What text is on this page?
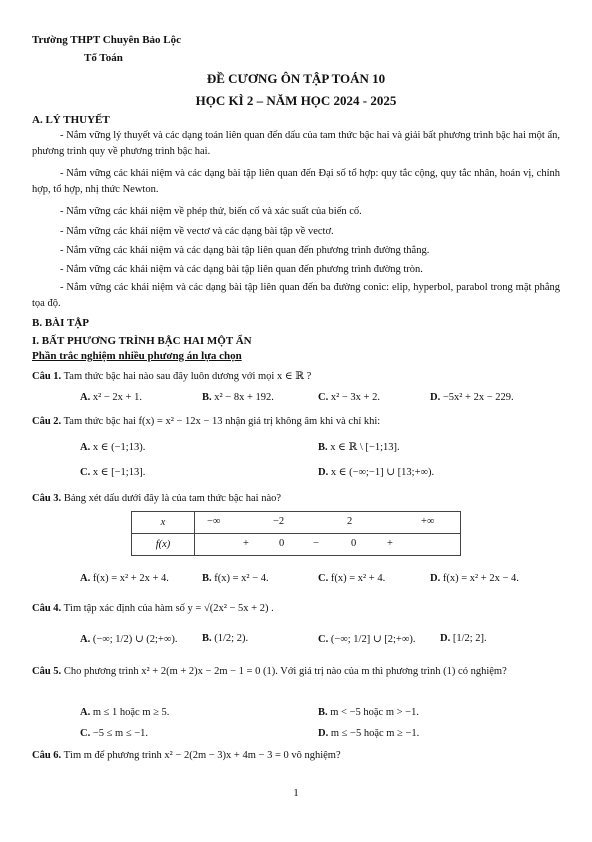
Trường THPT Chuyên Bảo Lộc
Tổ Toán
ĐỀ CƯƠNG ÔN TẬP TOÁN 10
HỌC KÌ 2 – NĂM HỌC 2024 - 2025
A. LÝ THUYẾT
- Nắm vững lý thuyết và các dạng toán liên quan đến dấu của tam thức bậc hai và giải bất phương trình bậc hai một ẩn, phương trình quy về phương trình bậc hai.
- Nắm vững các khái niệm và các dạng bài tập liên quan đến Đại số tổ hợp: quy tắc cộng, quy tắc nhân, hoán vị, chỉnh hợp, tổ hợp, nhị thức Newton.
- Nắm vững các khái niệm về phép thử, biến cố và xác suất của biến cố.
- Nắm vững các khái niệm về vectơ và các dạng bài tập về vectơ.
- Nắm vững các khái niệm và các dạng bài tập liên quan đến phương trình đường thẳng.
- Nắm vững các khái niệm và các dạng bài tập liên quan đến phương trình đường tròn.
- Nắm vững các khái niệm và các dạng bài tập liên quan đến ba đường conic: elip, hyperbol, parabol trong mặt phẳng tọa độ.
B. BÀI TẬP
I. BẤT PHƯƠNG TRÌNH BẬC HAI MỘT ẨN
Phần trắc nghiệm nhiều phương án lựa chọn
Câu 1. Tam thức bậc hai nào sau đây luôn dương với mọi x ∈ ℝ ?
A. x² − 2x + 1.	B. x² − 8x + 192.	C. x² − 3x + 2.	D. −5x² + 2x − 229.
Câu 2. Tam thức bậc hai f(x) = x² − 12x − 13 nhận giá trị không âm khi và chỉ khi:
A. x ∈ (−1;13).	B. x ∈ ℝ \ [−1;13].
C. x ∈ [−1;13].	D. x ∈ (−∞;−1] ∪ [13;+∞).
Câu 3. Bảng xét dấu dưới đây là của tam thức bậc hai nào?
x	−∞ −2 2 +∞

f(x)	+ 0 − 0 +
A. f(x) = x² + 2x + 4.	B. f(x) = x² − 4.	C. f(x) = x² + 4.	D. f(x) = x² + 2x − 4.
Câu 4. Tìm tập xác định của hàm số y = √(2x² − 5x + 2) .
A. (−∞; 1/2) ∪ (2;+∞). B. (1/2; 2).	C. (−∞; 1/2] ∪ [2;+∞). D. [1/2; 2].
Câu 5. Cho phương trình x² + 2(m + 2)x − 2m − 1 = 0 (1). Với giá trị nào của m thì phương trình (1) có nghiệm?
A. m ≤ 1 hoặc m ≥ 5.	B. m < −5 hoặc m > −1.
C. −5 ≤ m ≤ −1.	D. m ≤ −5 hoặc m ≥ −1.
Câu 6. Tìm m để phương trình x² − 2(2m − 3)x + 4m − 3 = 0 vô nghiệm?
1
